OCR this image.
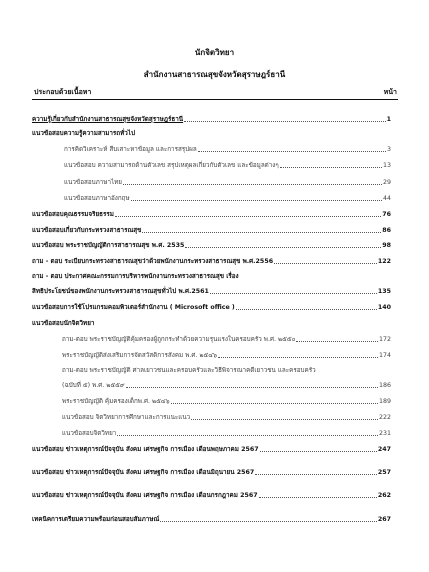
นักจิตวิทยา
สำนักงานสาธารณสุขจังหวัดสุราษฎร์ธานี
ประกอบด้วยเนื้อหา	หน้า
ความรู้เกี่ยวกับสำนักงานสาธารณสุขจังหวัดสุราษฎร์ธานี	1
แนวข้อสอบความรู้ความสามารถทั่วไป
การคิดวิเคราะห์ สืบเสาะหาข้อมูล และการสรุปผล	3
แนวข้อสอบ ความสามารถด้านตัวเลข สรุปเหตุผลเกี่ยวกับตัวเลข และข้อมูลต่างๆ	13
แนวข้อสอบภาษาไทย	29
แนวข้อสอบภาษาอังกฤษ	44
แนวข้อสอบคุณธรรมจริยธรรม	76
แนวข้อสอบเกี่ยวกับกระทรวงสาธารณสุข	86
แนวข้อสอบ พระราชบัญญัติการสาธารณสุข พ.ศ. 2535	98
ถาม - ตอบ ระเบียบกระทรวงสาธารณสุขว่าด้วยพนักงานกระทรวงสาธารณสุข พ.ศ.2556	122
ถาม - ตอบ ประกาศคณะกรรมการบริหารพนักงานกระทรวงสาธารณสุข เรื่อง
สิทธิประโยชน์ของพนักงานกระทรวงสาธารณสุขทั่วไป พ.ศ.2561	135
แนวข้อสอบการใช้โปรแกรมคอมพิวเตอร์สำนักงาน ( Microsoft office )	140
แนวข้อสอบนักจิตวิทยา
ถาม-ตอบ พระราชบัญญัติคุ้มครองผู้ถูกกระทำด้วยความรุนแรงในครอบครัว พ.ศ. ๒๕๕๐	172
พระราชบัญญัติส่งเสริมการจัดสวัสดิการสังคม พ.ศ. ๒๕๔๖	174
ถาม-ตอบ พระราชบัญญัติ ศาลเยาวชนและครอบครัวและวิธีพิจารณาคดีเยาวชน และครอบครัว
(ฉบับที่ ๕) พ.ศ. ๒๕๕๙	186
พระราชบัญญัติ คุ้มครองเด็กพ.ศ. ๒๕๔๖	189
แนวข้อสอบ จิตวิทยาการศึกษาและการแนะแนว	222
แนวข้อสอบจิตวิทยา	231
แนวข้อสอบ ข่าวเหตุการณ์ปัจจุบัน สังคม เศรษฐกิจ การเมือง เดือนพฤษภาคม 2567	247
แนวข้อสอบ ข่าวเหตุการณ์ปัจจุบัน สังคม เศรษฐกิจ การเมือง เดือนมิถุนายน 2567	257
แนวข้อสอบ ข่าวเหตุการณ์ปัจจุบัน สังคม เศรษฐกิจ การเมือง เดือนกรกฎาคม 2567	262
เทคนิคการเตรียมความพร้อมก่อนสอบสัมภาษณ์	267
